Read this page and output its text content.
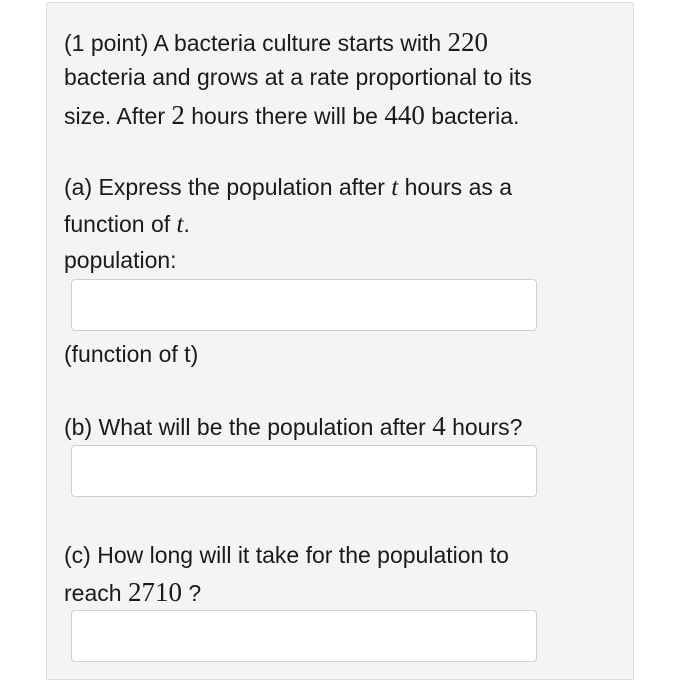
(1 point) A bacteria culture starts with 220
bacteria and grows at a rate proportional to its
size. After 2 hours there will be 440 bacteria.
(a) Express the population after t hours as a
function of t.
population:
(function of t)
(b) What will be the population after 4 hours?
(c) How long will it take for the population to
reach 2710 ?
